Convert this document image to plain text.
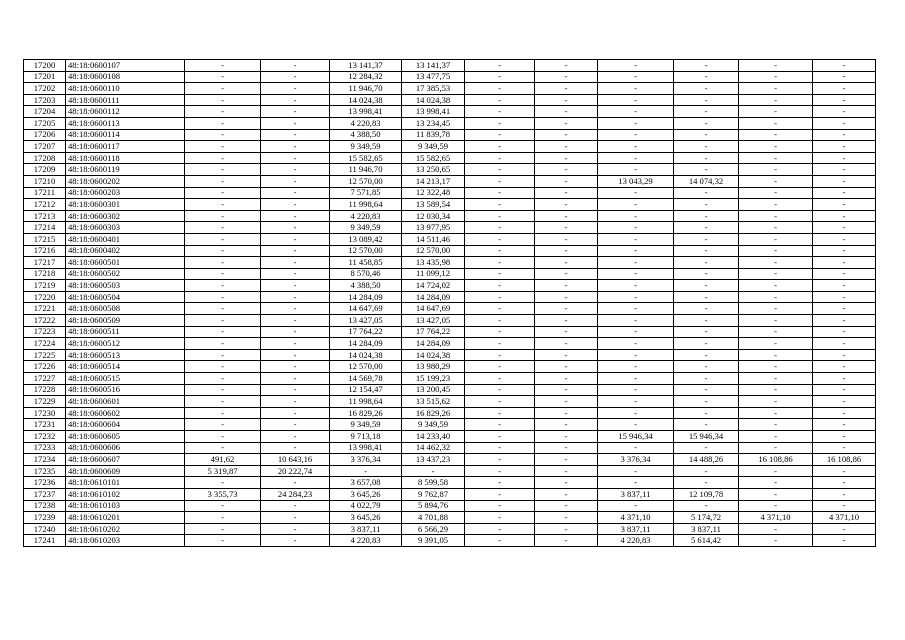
17200	48:18:0600107	-	-	13 141,37	13 141,37	-	-	-	-	-	-
17201	48:18:0600108	-	-	12 284,32	13 477,75	-	-	-	-	-	-
17202	48:18:0600110	-	-	11 946,70	17 385,53	-	-	-	-	-	-
17203	48:18:0600111	-	-	14 024,38	14 024,38	-	-	-	-	-	-
17204	48:18:0600112	-	-	13 998,41	13 998,41	-	-	-	-	-	-
17205	48:18:0600113	-	-	4 220,83	13 234,45	-	-	-	-	-	-
17206	48:18:0600114	-	-	4 388,50	11 839,78	-	-	-	-	-	-
17207	48:18:0600117	-	-	9 349,59	9 349,59	-	-	-	-	-	-
17208	48:18:0600118	-	-	15 582,65	15 582,65	-	-	-	-	-	-
17209	48:18:0600119	-	-	11 946,70	13 250,65	-	-	-	-	-	-
17210	48:18:0600202	-	-	12 570,00	14 213,17	-	-	13 043,29	14 074,32	-	-
17211	48:18:0600203	-	-	7 571,85	12 322,48	-	-	-	-	-	-
17212	48:18:0600301	-	-	11 998,64	13 589,54	-	-	-	-	-	-
17213	48:18:0600302	-	-	4 220,83	12 030,34	-	-	-	-	-	-
17214	48:18:0600303	-	-	9 349,59	13 977,95	-	-	-	-	-	-
17215	48:18:0600401	-	-	13 089,42	14 511,46	-	-	-	-	-	-
17216	48:18:0600402	-	-	12 570,00	12 570,00	-	-	-	-	-	-
17217	48:18:0600501	-	-	11 458,85	13 435,98	-	-	-	-	-	-
17218	48:18:0600502	-	-	8 570,46	11 099,12	-	-	-	-	-	-
17219	48:18:0600503	-	-	4 388,50	14 724,02	-	-	-	-	-	-
17220	48:18:0600504	-	-	14 284,09	14 284,09	-	-	-	-	-	-
17221	48:18:0600508	-	-	14 647,69	14 647,69	-	-	-	-	-	-
17222	48:18:0600509	-	-	13 427,05	13 427,05	-	-	-	-	-	-
17223	48:18:0600511	-	-	17 764,22	17 764,22	-	-	-	-	-	-
17224	48:18:0600512	-	-	14 284,09	14 284,09	-	-	-	-	-	-
17225	48:18:0600513	-	-	14 024,38	14 024,38	-	-	-	-	-	-
17226	48:18:0600514	-	-	12 570,00	13 980,29	-	-	-	-	-	-
17227	48:18:0600515	-	-	14 569,78	15 199,23	-	-	-	-	-	-
17228	48:18:0600516	-	-	12 154,47	13 200,45	-	-	-	-	-	-
17229	48:18:0600601	-	-	11 998,64	13 515,62	-	-	-	-	-	-
17230	48:18:0600602	-	-	16 829,26	16 829,26	-	-	-	-	-	-
17231	48:18:0600604	-	-	9 349,59	9 349,59	-	-	-	-	-	-
17232	48:18:0600605	-	-	9 713,18	14 233,40	-	-	15 946,34	15 946,34	-	-
17233	48:18:0600606	-	-	13 998,41	14 462,32	-	-	-	-	-	-
17234	48:18:0600607	491,62	10 643,16	3 376,34	13 437,23	-	-	3 376,34	14 488,26	16 108,86	16 108,86
17235	48:18:0600609	5 319,87	20 222,74	-	-	-	-	-	-	-	-
17236	48:18:0610101	-	-	3 657,08	8 599,58	-	-	-	-	-	-
17237	48:18:0610102	3 355,73	24 284,23	3 645,26	9 762,87	-	-	3 837,11	12 109,78	-	-
17238	48:18:0610103	-	-	4 022,79	5 894,76	-	-	-	-	-	-
17239	48:18:0610201	-	-	3 645,26	4 701,88	-	-	4 371,10	5 174,72	4 371,10	4 371,10
17240	48:18:0610202	-	-	3 837,11	6 566,29	-	-	3 837,11	3 837,11	-	-
17241	48:18:0610203	-	-	4 220,83	9 391,05	-	-	4 220,83	5 614,42	-	-
